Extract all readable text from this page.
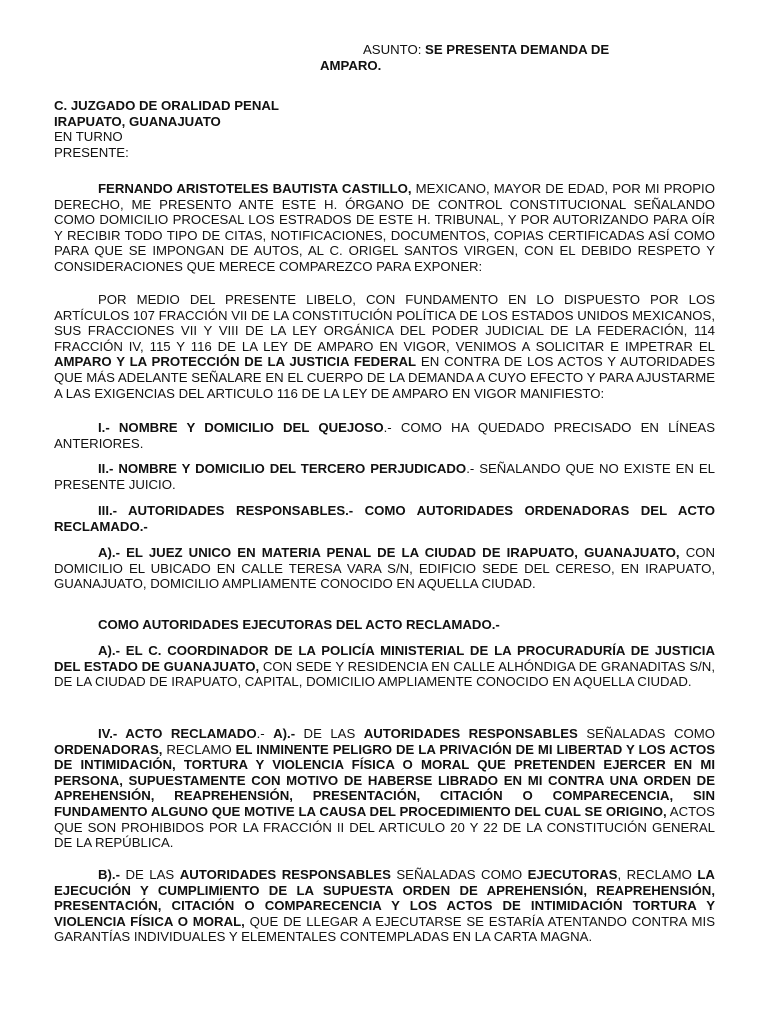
ASUNTO: SE PRESENTA DEMANDA DE

AMPARO.

C. JUZGADO DE ORALIDAD PENAL

IRAPUATO, GUANAJUATO

EN TURNO

PRESENTE:

FERNANDO ARISTOTELES BAUTISTA CASTILLO, MEXICANO, MAYOR DE EDAD, POR MI PROPIO DERECHO, ME PRESENTO ANTE ESTE H. ÓRGANO DE CONTROL CONSTITUCIONAL SEÑALANDO COMO DOMICILIO PROCESAL LOS ESTRADOS DE ESTE H. TRIBUNAL, Y POR AUTORIZANDO PARA OÍR Y RECIBIR TODO TIPO DE CITAS, NOTIFICACIONES, DOCUMENTOS, COPIAS CERTIFICADAS ASÍ COMO PARA QUE SE IMPONGAN DE AUTOS, AL C. ORIGEL SANTOS VIRGEN, CON EL DEBIDO RESPETO Y CONSIDERACIONES QUE MERECE COMPAREZCO PARA EXPONER:

POR MEDIO DEL PRESENTE LIBELO, CON FUNDAMENTO EN LO DISPUESTO POR LOS ARTÍCULOS 107 FRACCIÓN VII DE LA CONSTITUCIÓN POLÍTICA DE LOS ESTADOS UNIDOS MEXICANOS, SUS FRACCIONES VII Y VIII DE LA LEY ORGÁNICA DEL PODER JUDICIAL DE LA FEDERACIÓN, 114 FRACCIÓN IV, 115 Y 116 DE LA LEY DE AMPARO EN VIGOR, VENIMOS A SOLICITAR E IMPETRAR EL AMPARO Y LA PROTECCIÓN DE LA JUSTICIA FEDERAL EN CONTRA DE LOS ACTOS Y AUTORIDADES QUE MÁS ADELANTE SEÑALARE EN EL CUERPO DE LA DEMANDA A CUYO EFECTO Y PARA AJUSTARME A LAS EXIGENCIAS DEL ARTICULO 116 DE LA LEY DE AMPARO EN VIGOR MANIFIESTO:

I.- NOMBRE Y DOMICILIO DEL QUEJOSO.- COMO HA QUEDADO PRECISADO EN LÍNEAS ANTERIORES.

II.- NOMBRE Y DOMICILIO DEL TERCERO PERJUDICADO.- SEÑALANDO QUE NO EXISTE EN EL PRESENTE JUICIO.

III.- AUTORIDADES RESPONSABLES.- COMO AUTORIDADES ORDENADORAS DEL ACTO RECLAMADO.-

A).- EL JUEZ UNICO EN MATERIA PENAL DE LA CIUDAD DE IRAPUATO, GUANAJUATO, CON DOMICILIO EL UBICADO EN CALLE TERESA VARA S/N, EDIFICIO SEDE DEL CERESO, EN IRAPUATO, GUANAJUATO, DOMICILIO AMPLIAMENTE CONOCIDO EN AQUELLA CIUDAD.

COMO AUTORIDADES EJECUTORAS DEL ACTO RECLAMADO.-

A).- EL C. COORDINADOR DE LA POLICÍA MINISTERIAL DE LA PROCURADURÍA DE JUSTICIA DEL ESTADO DE GUANAJUATO, CON SEDE Y RESIDENCIA EN CALLE ALHÓNDIGA DE GRANADITAS S/N, DE LA CIUDAD DE IRAPUATO, CAPITAL, DOMICILIO AMPLIAMENTE CONOCIDO EN AQUELLA CIUDAD.

IV.- ACTO RECLAMADO.- A).- DE LAS AUTORIDADES RESPONSABLES SEÑALADAS COMO ORDENADORAS, RECLAMO EL INMINENTE PELIGRO DE LA PRIVACIÓN DE MI LIBERTAD Y LOS ACTOS DE INTIMIDACIÓN, TORTURA Y VIOLENCIA FÍSICA O MORAL QUE PRETENDEN EJERCER EN MI PERSONA, SUPUESTAMENTE CON MOTIVO DE HABERSE LIBRADO EN MI CONTRA UNA ORDEN DE APREHENSIÓN, REAPREHENSIÓN, PRESENTACIÓN, CITACIÓN O COMPARECENCIA, SIN FUNDAMENTO ALGUNO QUE MOTIVE LA CAUSA DEL PROCEDIMIENTO DEL CUAL SE ORIGINO, ACTOS QUE SON PROHIBIDOS POR LA FRACCIÓN II DEL ARTICULO 20 Y 22 DE LA CONSTITUCIÓN GENERAL DE LA REPÚBLICA.

B).- DE LAS AUTORIDADES RESPONSABLES SEÑALADAS COMO EJECUTORAS, RECLAMO LA EJECUCIÓN Y CUMPLIMIENTO DE LA SUPUESTA ORDEN DE APREHENSIÓN, REAPREHENSIÓN, PRESENTACIÓN, CITACIÓN O COMPARECENCIA Y LOS ACTOS DE INTIMIDACIÓN TORTURA Y VIOLENCIA FÍSICA O MORAL, QUE DE LLEGAR A EJECUTARSE SE ESTARÍA ATENTANDO CONTRA MIS GARANTÍAS INDIVIDUALES Y ELEMENTALES CONTEMPLADAS EN LA CARTA MAGNA.
